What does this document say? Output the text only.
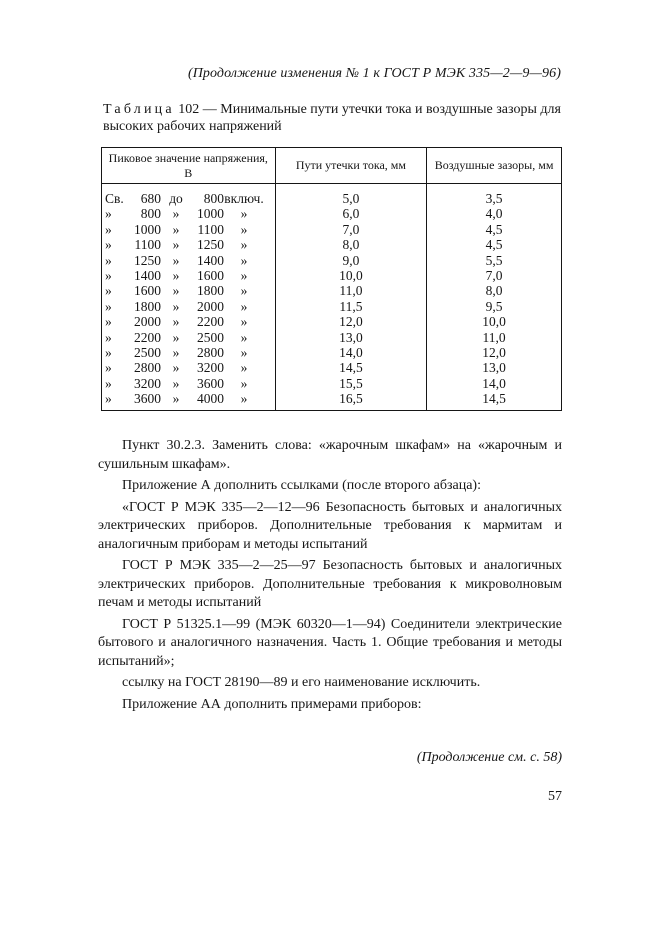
(Продолжение изменения № 1 к ГОСТ Р МЭК 335—2—9—96)
Таблица 102 — Минимальные пути утечки тока и воздушные зазоры для высоких рабочих напряжений
Пиковое значение напряжения, В	Пути утечки тока, мм	Воздушные зазоры, мм

Св. 680 до 800 включ.	5,0	3,5

» 800 » 1000 »	6,0	4,0

» 1000 » 1100 »	7,0	4,5

» 1100 » 1250 »	8,0	4,5

» 1250 » 1400 »	9,0	5,5

» 1400 » 1600 »	10,0	7,0

» 1600 » 1800 »	11,0	8,0

» 1800 » 2000 »	11,5	9,5

» 2000 » 2200 »	12,0	10,0

» 2200 » 2500 »	13,0	11,0

» 2500 » 2800 »	14,0	12,0

» 2800 » 3200 »	14,5	13,0

» 3200 » 3600 »	15,5	14,0

» 3600 » 4000 »	16,5	14,5

Пункт 30.2.3. Заменить слова: «жарочным шкафам» на «жарочным и сушильным шкафам».

Приложение А дополнить ссылками (после второго абзаца):

«ГОСТ Р МЭК 335—2—12—96 Безопасность бытовых и аналогичных электрических приборов. Дополнительные требования к мармитам и аналогичным приборам и методы испытаний

ГОСТ Р МЭК 335—2—25—97 Безопасность бытовых и аналогичных электрических приборов. Дополнительные требования к микроволновым печам и методы испытаний

ГОСТ Р 51325.1—99 (МЭК 60320—1—94) Соединители электрические бытового и аналогичного назначения. Часть 1. Общие требования и методы испытаний»;

ссылку на ГОСТ 28190—89 и его наименование исключить.

Приложение АА дополнить примерами приборов:

(Продолжение см. с. 58)
57
